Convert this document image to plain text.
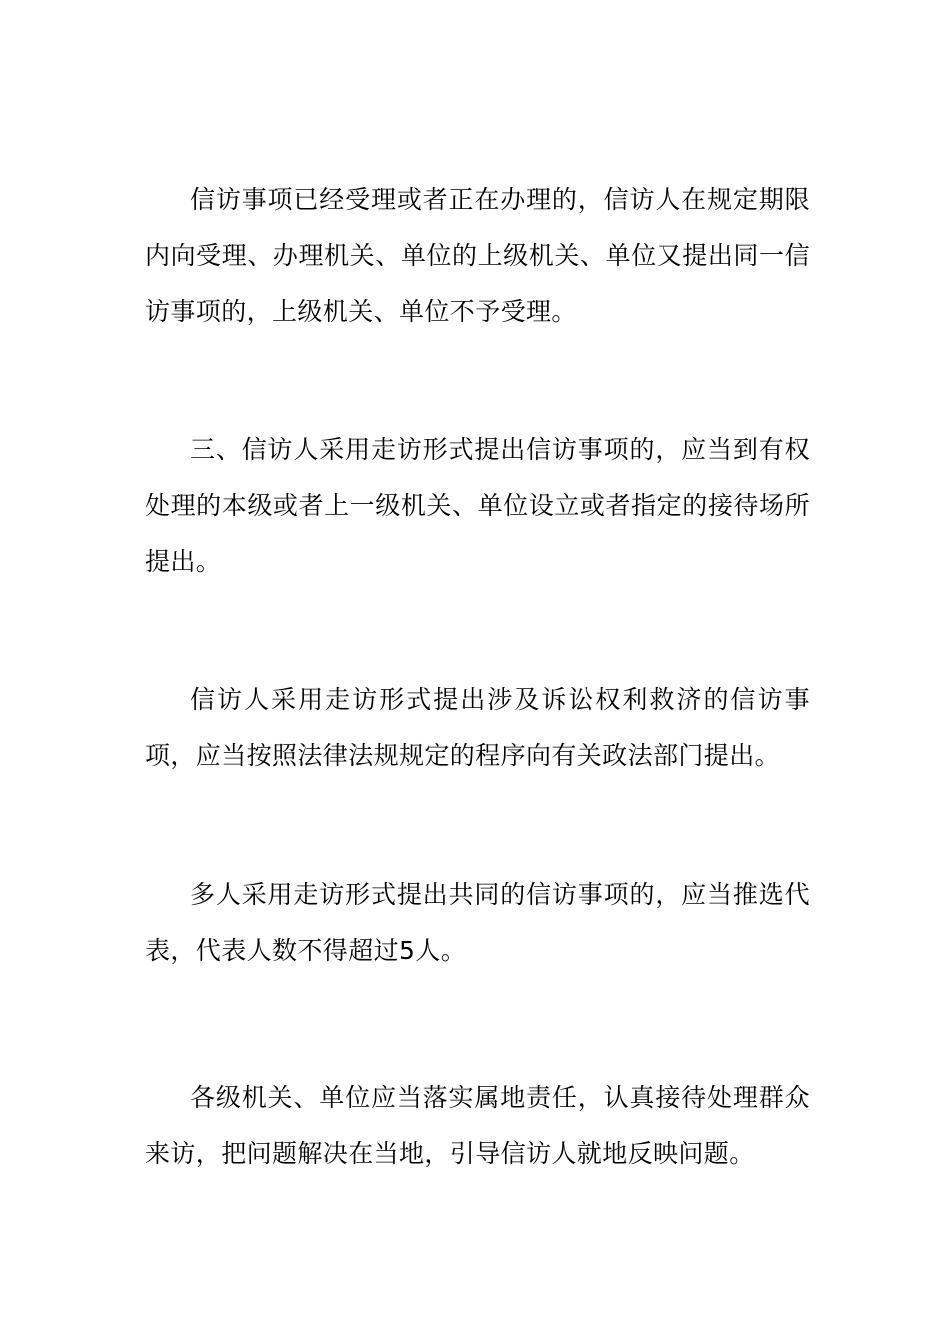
信访事项已经受理或者正在办理的，信访人在规定期限内向受理、办理机关、单位的上级机关、单位又提出同一信访事项的，上级机关、单位不予受理。

三、信访人采用走访形式提出信访事项的，应当到有权处理的本级或者上一级机关、单位设立或者指定的接待场所提出。

信访人采用走访形式提出涉及诉讼权利救济的信访事项，应当按照法律法规规定的程序向有关政法部门提出。

多人采用走访形式提出共同的信访事项的，应当推选代表，代表人数不得超过5人。

各级机关、单位应当落实属地责任，认真接待处理群众来访，把问题解决在当地，引导信访人就地反映问题。
